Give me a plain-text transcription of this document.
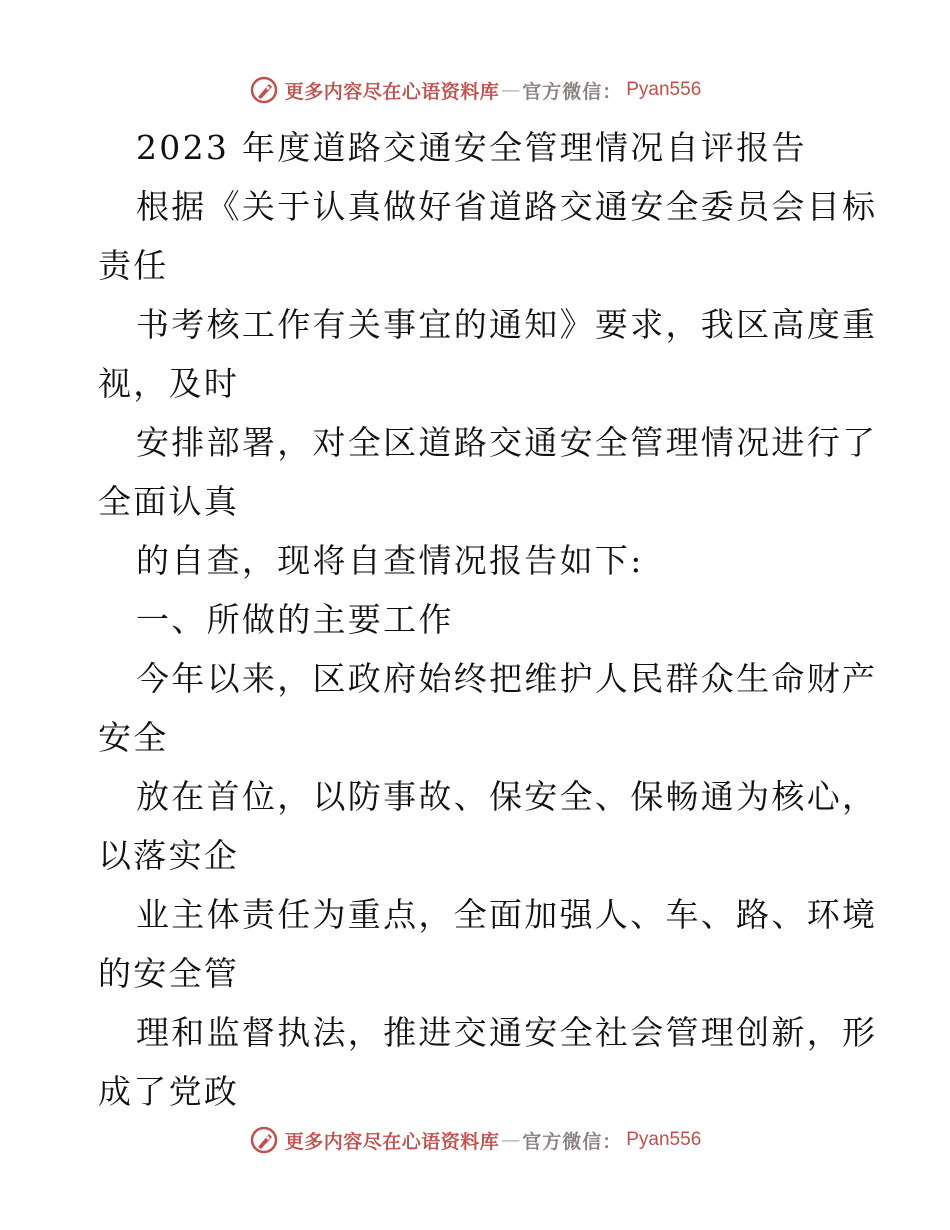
更多内容尽在心语资料库 — 官方微信： Pyan556
2023 年度道路交通安全管理情况自评报告
根据《关于认真做好省道路交通安全委员会目标
责任
书考核工作有关事宜的通知》要求，我区高度重
视，及时
安排部署，对全区道路交通安全管理情况进行了
全面认真
的自查，现将自查情况报告如下:
一、所做的主要工作
今年以来，区政府始终把维护人民群众生命财产
安全
放在首位，以防事故、保安全、保畅通为核心，
以落实企
业主体责任为重点，全面加强人、车、路、环境
的安全管
理和监督执法，推进交通安全社会管理创新，形
成了党政
更多内容尽在心语资料库 — 官方微信： Pyan556
